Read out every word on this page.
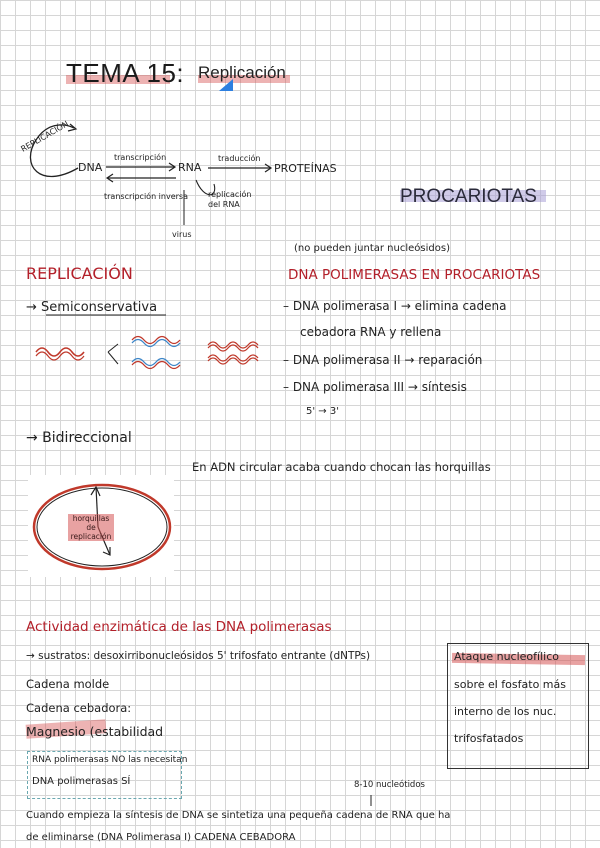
TEMA 15: Replicación
REPLICACIÓN
DNA	RNA	PROTEÍNAS
transcripción	traducción
transcripción inversa	replicación del RNA
virus
PROCARIOTAS
REPLICACIÓN
→ Semiconservativa
→ Bidireccional
(no pueden juntar nucleósidos)
DNA POLIMERASAS EN PROCARIOTAS
– DNA polimerasa I → elimina cadena
cebadora RNA y rellena
– DNA polimerasa II → reparación
– DNA polimerasa III → síntesis
5' → 3'
En ADN circular acaba cuando chocan las horquillas
horquillas de replicación
Actividad enzimática de las DNA polimerasas
→ sustratos: desoxirribonucleósidos 5' trifosfato entrante (dNTPs)
Cadena molde
Cadena cebadora:
Magnesio (estabilidad
RNA polimerasas NO las necesitan
DNA polimerasas SÍ
Ataque nucleofílico
sobre el fosfato más
interno de los nuc.
trifosfatados
8-10 nucleótidos
Cuando empieza la síntesis de DNA se sintetiza una pequeña cadena de RNA que ha
de eliminarse (DNA Polimerasa I) CADENA CEBADORA
